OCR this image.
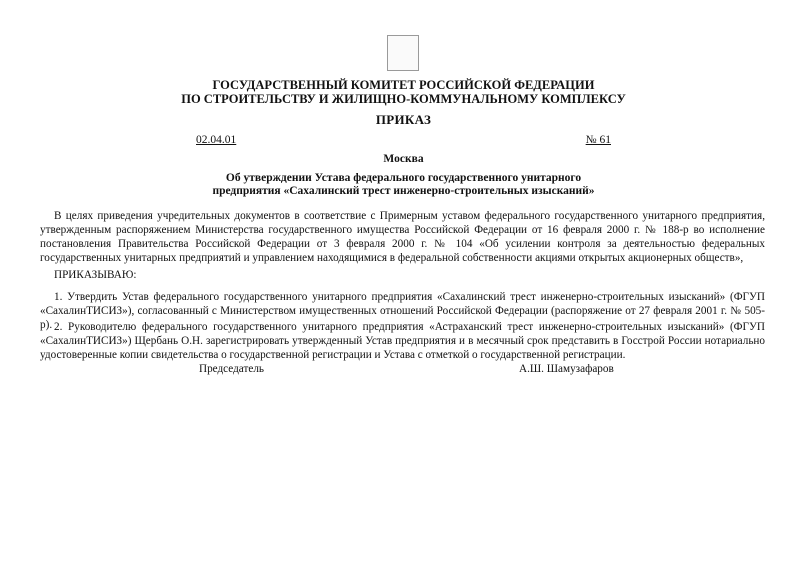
ГОСУДАРСТВЕННЫЙ КОМИТЕТ РОССИЙСКОЙ ФЕДЕРАЦИИ
ПО СТРОИТЕЛЬСТВУ И ЖИЛИЩНО-КОММУНАЛЬНОМУ КОМПЛЕКСУ
ПРИКАЗ
02.04.01	№ 61
Москва
Об утверждении Устава федерального государственного унитарного
предприятия «Сахалинский трест инженерно-строительных изысканий»
В целях приведения учредительных документов в соответствие с Примерным уставом федерального государственного унитарного предприятия, утвержденным распоряжением Министерства государственного имущества Российской Федерации от 16 февраля 2000 г. № 188-р во исполнение постановления Правительства Российской Федерации от 3 февраля 2000 г. № 104 «Об усилении контроля за деятельностью федеральных государственных унитарных предприятий и управлением находящимися в федеральной собственности акциями открытых акционерных обществ»,
ПРИКАЗЫВАЮ:
1. Утвердить Устав федерального государственного унитарного предприятия «Сахалинский трест инженерно-строительных изысканий» (ФГУП «СахалинТИСИЗ»), согласованный с Министерством имущественных отношений Российской Федерации (распоряжение от 27 февраля 2001 г. № 505-р). 2. Руководителю федерального государственного унитарного предприятия «Астраханский трест инженерно-строительных изысканий» (ФГУП «СахалинТИСИЗ») Щербань О.Н. зарегистрировать утвержденный Устав предприятия и в месячный срок представить в Госстрой России нотариально удостоверенные копии свидетельства о государственной регистрации и Устава с отметкой о государственной регистрации.
Председатель	А.Ш. Шамузафаров
